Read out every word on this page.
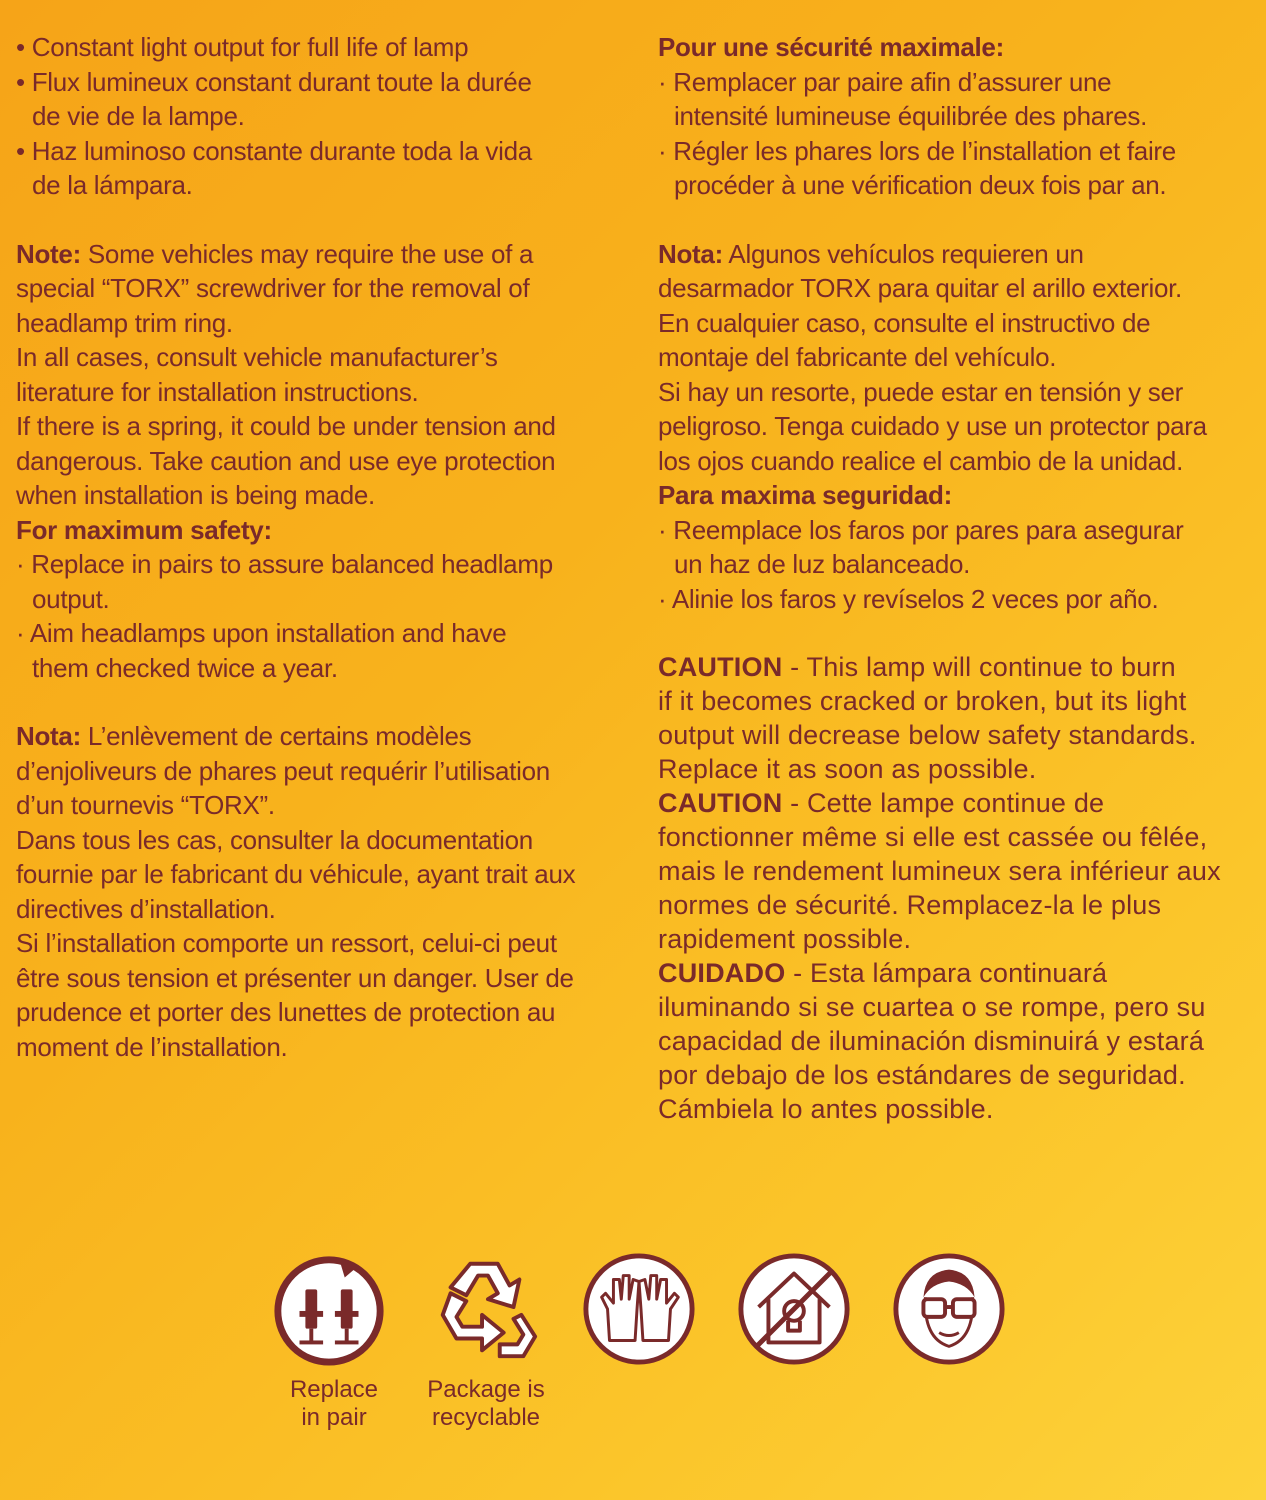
• Constant light output for full life of lamp
• Flux lumineux constant durant toute la durée
de vie de la lampe.
• Haz luminoso constante durante toda la vida
de la lámpara.
Note: Some vehicles may require the use of a
special “TORX” screwdriver for the removal of
headlamp trim ring.
In all cases, consult vehicle manufacturer’s
literature for installation instructions.
If there is a spring, it could be under tension and
dangerous. Take caution and use eye protection
when installation is being made.
For maximum safety:
· Replace in pairs to assure balanced headlamp
output.
· Aim headlamps upon installation and have
them checked twice a year.
Nota: L’enlèvement de certains modèles
d’enjoliveurs de phares peut requérir l’utilisation
d’un tournevis “TORX”.
Dans tous les cas, consulter la documentation
fournie par le fabricant du véhicule, ayant trait aux
directives d’installation.
Si l’installation comporte un ressort, celui-ci peut
être sous tension et présenter un danger. User de
prudence et porter des lunettes de protection au
moment de l’installation.
Pour une sécurité maximale:
· Remplacer par paire afin d’assurer une
intensité lumineuse équilibrée des phares.
· Régler les phares lors de l’installation et faire
procéder à une vérification deux fois par an.
Nota: Algunos vehículos requieren un
desarmador TORX para quitar el arillo exterior.
En cualquier caso, consulte el instructivo de
montaje del fabricante del vehículo.
Si hay un resorte, puede estar en tensión y ser
peligroso. Tenga cuidado y use un protector para
los ojos cuando realice el cambio de la unidad.
Para maxima seguridad:
· Reemplace los faros por pares para asegurar
un haz de luz balanceado.
· Alinie los faros y revíselos 2 veces por año.
CAUTION - This lamp will continue to burn
if it becomes cracked or broken, but its light
output will decrease below safety standards.
Replace it as soon as possible.
CAUTION - Cette lampe continue de
fonctionner même si elle est cassée ou fêlée,
mais le rendement lumineux sera inférieur aux
normes de sécurité. Remplacez-la le plus
rapidement possible.
CUIDADO - Esta lámpara continuará
iluminando si se cuartea o se rompe, pero su
capacidad de iluminación disminuirá y estará
por debajo de los estándares de seguridad.
Cámbiela lo antes possible.
Replace
in pair
Package is
recyclable
